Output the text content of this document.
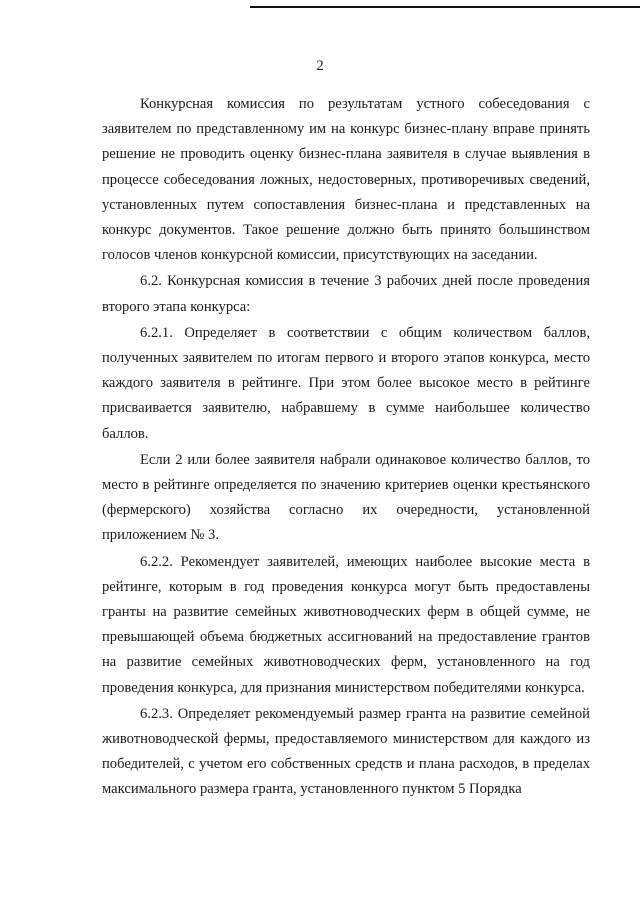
2

Конкурсная комиссия по результатам устного собеседования с заявителем по представленному им на конкурс бизнес-плану вправе принять решение не проводить оценку бизнес-плана заявителя в случае выявления в процессе собеседования ложных, недостоверных, противоречивых сведений, установленных путем сопоставления бизнес-плана и представленных на конкурс документов. Такое решение должно быть принято большинством голосов членов конкурсной комиссии, присутствующих на заседании.

6.2. Конкурсная комиссия в течение 3 рабочих дней после проведения второго этапа конкурса:

6.2.1. Определяет в соответствии с общим количеством баллов, полученных заявителем по итогам первого и второго этапов конкурса, место каждого заявителя в рейтинге. При этом более высокое место в рейтинге присваивается заявителю, набравшему в сумме наибольшее количество баллов.

Если 2 или более заявителя набрали одинаковое количество баллов, то место в рейтинге определяется по значению критериев оценки крестьянского (фермерского) хозяйства согласно их очередности, установленной приложением № 3.

6.2.2. Рекомендует заявителей, имеющих наиболее высокие места в рейтинге, которым в год проведения конкурса могут быть предоставлены гранты на развитие семейных животноводческих ферм в общей сумме, не превышающей объема бюджетных ассигнований на предоставление грантов на развитие семейных животноводческих ферм, установленного на год проведения конкурса, для признания министерством победителями конкурса.

6.2.3. Определяет рекомендуемый размер гранта на развитие семейной животноводческой фермы, предоставляемого министерством для каждого из победителей, с учетом его собственных средств и плана расходов, в пределах максимального размера гранта, установленного пунктом 5 Порядка
